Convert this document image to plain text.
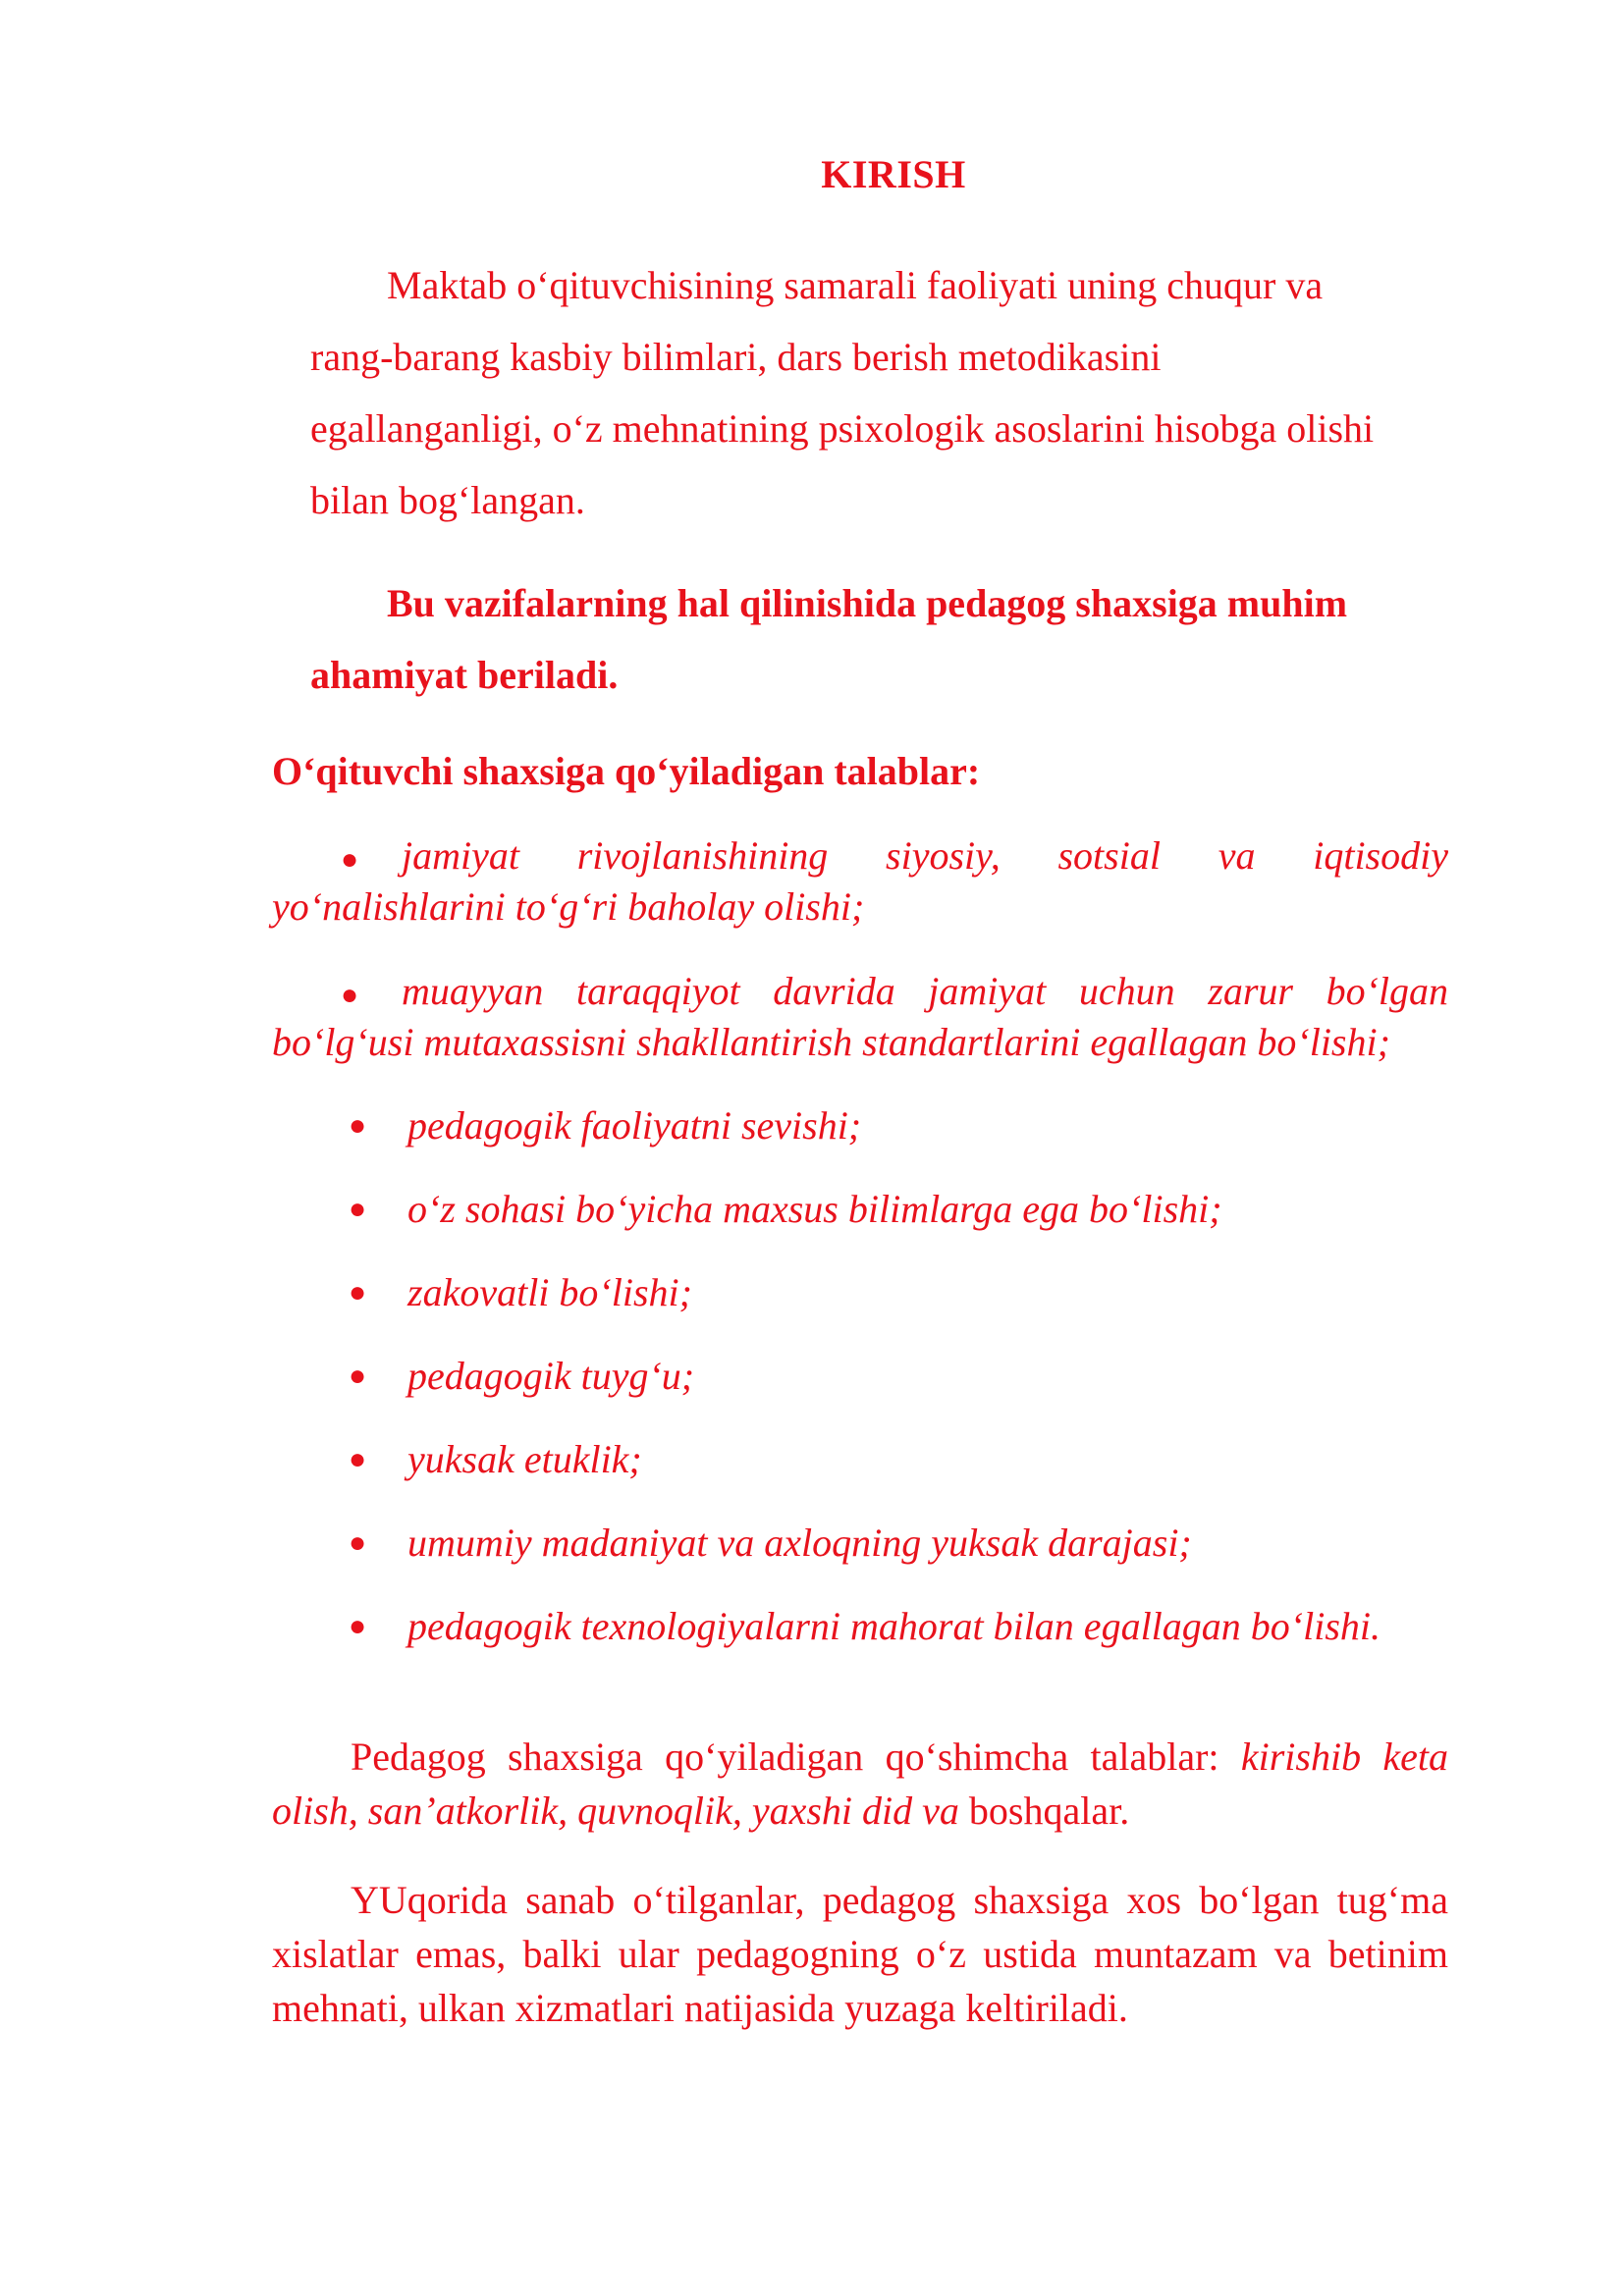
KIRISH
Maktab o‘qituvchisining samarali faoliyati uning chuqur va
rang-barang kasbiy bilimlari, dars berish metodikasini
egallanganligi, o‘z mehnatining psixologik asoslarini hisobga olishi
bilan bog‘langan.
Bu vazifalarning hal qilinishida pedagog shaxsiga muhim
ahamiyat beriladi.
O‘qituvchi shaxsiga qo‘yiladigan talablar:

● jamiyat rivojlanishining siyosiy, sotsial va iqtisodiy yo‘nalishlarini to‘g‘ri baholay olishi;

● muayyan taraqqiyot davrida jamiyat uchun zarur bo‘lgan bo‘lg‘usi mutaxassisni shakllantirish standartlarini egallagan bo‘lishi;

● pedagogik faoliyatni sevishi;

● o‘z sohasi bo‘yicha maxsus bilimlarga ega bo‘lishi;

● zakovatli bo‘lishi;

● pedagogik tuyg‘u;

● yuksak etuklik;

● umumiy madaniyat va axloqning yuksak darajasi;

● pedagogik texnologiyalarni mahorat bilan egallagan bo‘lishi.

Pedagog shaxsiga qo‘yiladigan qo‘shimcha talablar: kirishib keta olish, san’atkorlik, quvnoqlik, yaxshi did va boshqalar.
YUqorida sanab o‘tilganlar, pedagog shaxsiga xos bo‘lgan tug‘ma xislatlar emas, balki ular pedagogning o‘z ustida muntazam va betinim mehnati, ulkan xizmatlari natijasida yuzaga keltiriladi.
